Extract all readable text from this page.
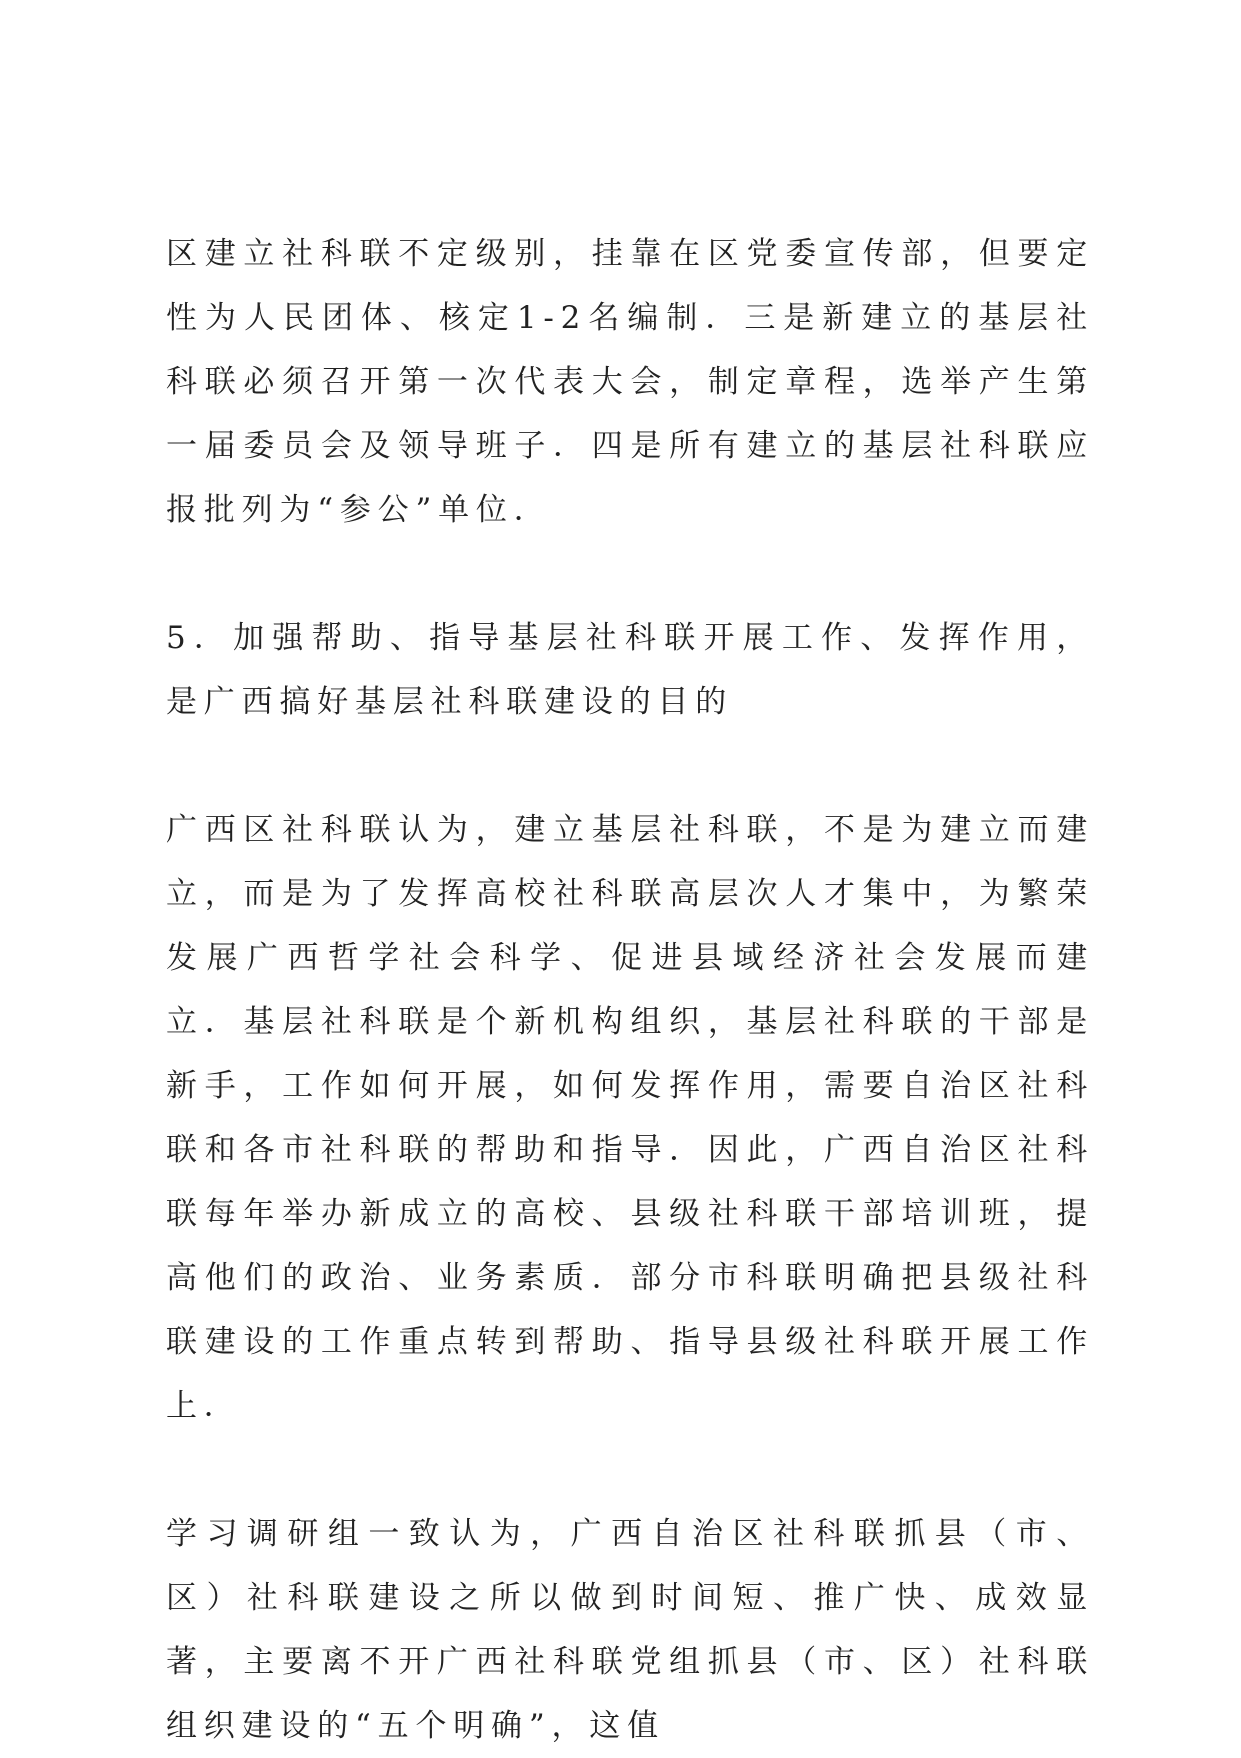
区建立社科联不定级别，挂靠在区党委宣传部，但要定性为人民团体、核定1-2名编制．三是新建立的基层社科联必须召开第一次代表大会，制定章程，选举产生第一届委员会及领导班子．四是所有建立的基层社科联应报批列为“参公”单位．

5．加强帮助、指导基层社科联开展工作、发挥作用，是广西搞好基层社科联建设的目的

广西区社科联认为，建立基层社科联，不是为建立而建立，而是为了发挥高校社科联高层次人才集中，为繁荣发展广西哲学社会科学、促进县域经济社会发展而建立．基层社科联是个新机构组织，基层社科联的干部是新手，工作如何开展，如何发挥作用，需要自治区社科联和各市社科联的帮助和指导．因此，广西自治区社科联每年举办新成立的高校、县级社科联干部培训班，提高他们的政治、业务素质．部分市科联明确把县级社科联建设的工作重点转到帮助、指导县级社科联开展工作上．

学习调研组一致认为，广西自治区社科联抓县（市、区）社科联建设之所以做到时间短、推广快、成效显著，主要离不开广西社科联党组抓县（市、区）社科联组织建设的“五个明确”，这值
